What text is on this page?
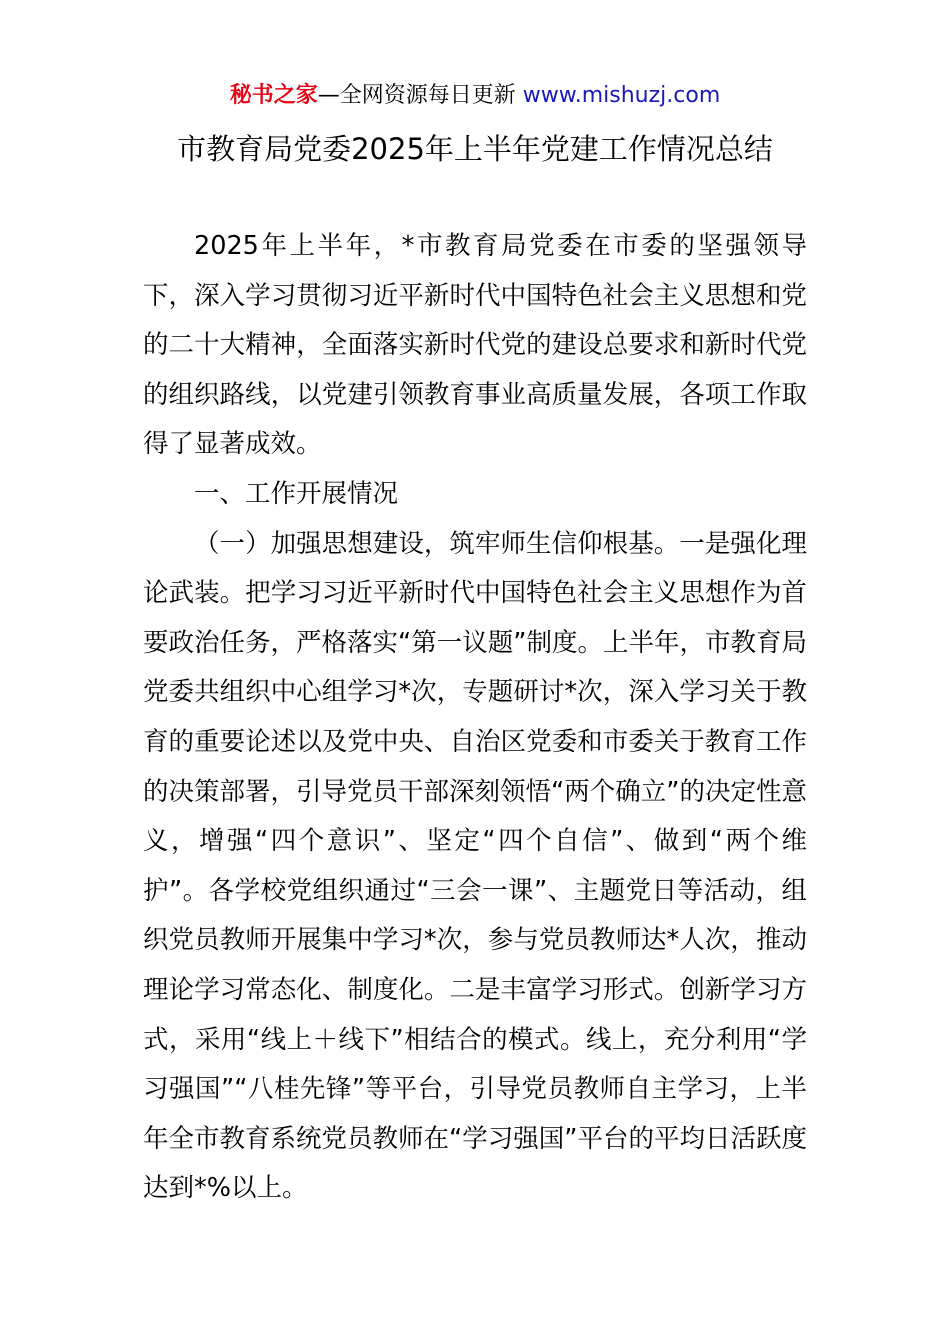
秘书之家—全网资源每日更新 www.mishuzj.com
市教育局党委2025年上半年党建工作情况总结

2025年上半年，*市教育局党委在市委的坚强领导下，深入学习贯彻习近平新时代中国特色社会主义思想和党的二十大精神，全面落实新时代党的建设总要求和新时代党的组织路线，以党建引领教育事业高质量发展，各项工作取得了显著成效。

一、工作开展情况

（一）加强思想建设，筑牢师生信仰根基。一是强化理论武装。把学习习近平新时代中国特色社会主义思想作为首要政治任务，严格落实“第一议题”制度。上半年，市教育局党委共组织中心组学习*次，专题研讨*次，深入学习关于教育的重要论述以及党中央、自治区党委和市委关于教育工作的决策部署，引导党员干部深刻领悟“两个确立”的决定性意义，增强“四个意识”、坚定“四个自信”、做到“两个维护”。各学校党组织通过“三会一课”、主题党日等活动，组织党员教师开展集中学习*次，参与党员教师达*人次，推动理论学习常态化、制度化。二是丰富学习形式。创新学习方式，采用“线上＋线下”相结合的模式。线上，充分利用“学习强国”“八桂先锋”等平台，引导党员教师自主学习，上半年全市教育系统党员教师在“学习强国”平台的平均日活跃度达到*%以上。
